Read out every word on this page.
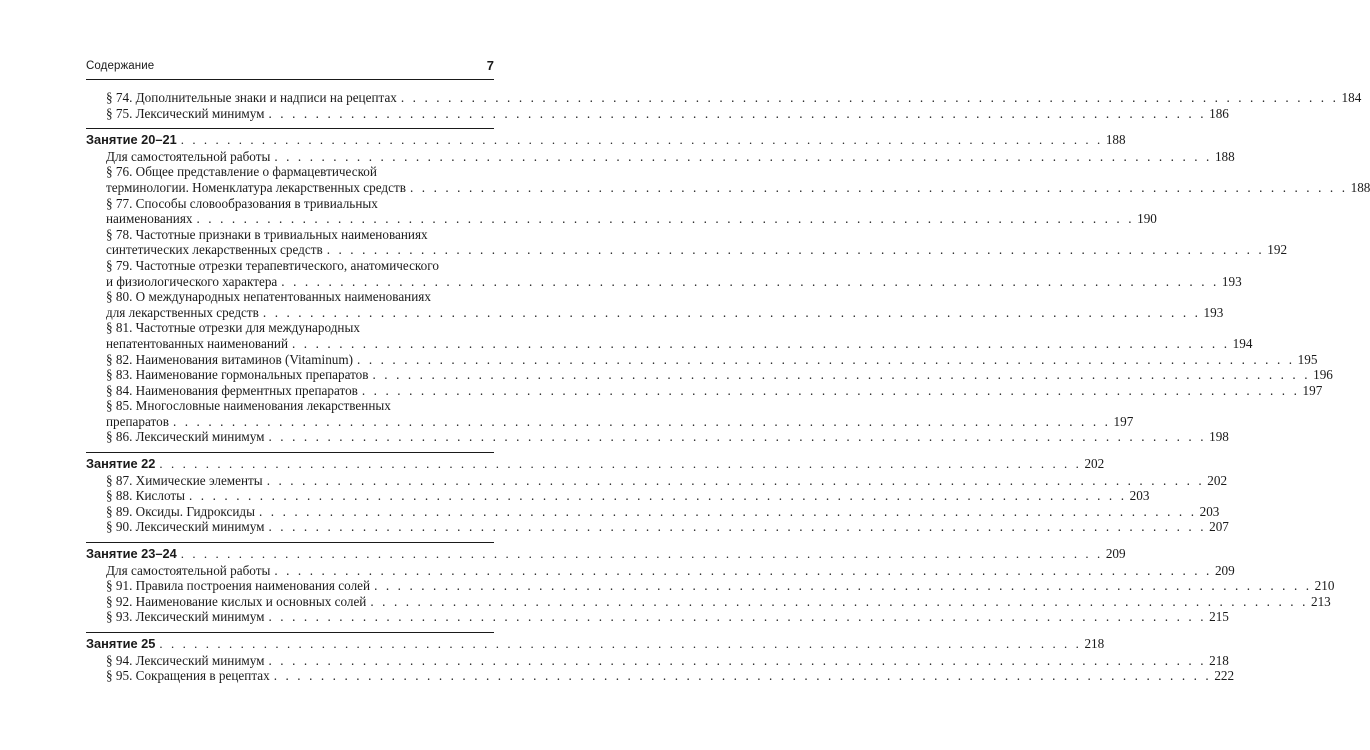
Содержание	7
§ 74. Дополнительные знаки и надписи на рецептах . . . . . . . . . . . . . . . . . . . . . . . . . . . . . . . . . . . . . . . . . . . . . . . . . . . . . . . . . . . . . . . . . . . . . . . . . . . . . . . . 184
§ 75. Лексический минимум . . . . . . . . . . . . . . . . . . . . . . . . . . . . . . . . . . . . . . . . . . . . . . . . . . . . . . . . . . . . . . . . . . . . . . . . . . . . . . . . 186
Занятие 20–21 . . . . . . . . . . . . . . . . . . . . . . . . . . . . . . . . . . . . . . . . . . . . . . . . . . . . . . . . . . . . . . . . . . . . . . . . . . . . . . . . 188
Для самостоятельной работы . . . . . . . . . . . . . . . . . . . . . . . . . . . . . . . . . . . . . . . . . . . . . . . . . . . . . . . . . . . . . . . . . . . . . . . . . . . . . . . . 188
§ 76. Общее представление о фармацевтической
терминологии. Номенклатура лекарственных средств . . . . . . . . . . . . . . . . . . . . . . . . . . . . . . . . . . . . . . . . . . . . . . . . . . . . . . . . . . . . . . . . . . . . . . . . . . . . . . . . 188
§ 77. Способы словообразования в тривиальных
наименованиях . . . . . . . . . . . . . . . . . . . . . . . . . . . . . . . . . . . . . . . . . . . . . . . . . . . . . . . . . . . . . . . . . . . . . . . . . . . . . . . . 190
§ 78. Частотные признаки в тривиальных наименованиях
синтетических лекарственных средств . . . . . . . . . . . . . . . . . . . . . . . . . . . . . . . . . . . . . . . . . . . . . . . . . . . . . . . . . . . . . . . . . . . . . . . . . . . . . . . . 192
§ 79. Частотные отрезки терапевтического, анатомического
и физиологического характера . . . . . . . . . . . . . . . . . . . . . . . . . . . . . . . . . . . . . . . . . . . . . . . . . . . . . . . . . . . . . . . . . . . . . . . . . . . . . . . . 193
§ 80. О международных непатентованных наименованиях
для лекарственных средств . . . . . . . . . . . . . . . . . . . . . . . . . . . . . . . . . . . . . . . . . . . . . . . . . . . . . . . . . . . . . . . . . . . . . . . . . . . . . . . . 193
§ 81. Частотные отрезки для международных
непатентованных наименований . . . . . . . . . . . . . . . . . . . . . . . . . . . . . . . . . . . . . . . . . . . . . . . . . . . . . . . . . . . . . . . . . . . . . . . . . . . . . . . . 194
§ 82. Наименования витаминов (Vitaminum) . . . . . . . . . . . . . . . . . . . . . . . . . . . . . . . . . . . . . . . . . . . . . . . . . . . . . . . . . . . . . . . . . . . . . . . . . . . . . . . . 195
§ 83. Наименование гормональных препаратов . . . . . . . . . . . . . . . . . . . . . . . . . . . . . . . . . . . . . . . . . . . . . . . . . . . . . . . . . . . . . . . . . . . . . . . . . . . . . . . . 196
§ 84. Наименования ферментных препаратов . . . . . . . . . . . . . . . . . . . . . . . . . . . . . . . . . . . . . . . . . . . . . . . . . . . . . . . . . . . . . . . . . . . . . . . . . . . . . . . . 197
§ 85. Многословные наименования лекарственных
препаратов . . . . . . . . . . . . . . . . . . . . . . . . . . . . . . . . . . . . . . . . . . . . . . . . . . . . . . . . . . . . . . . . . . . . . . . . . . . . . . . . 197
§ 86. Лексический минимум . . . . . . . . . . . . . . . . . . . . . . . . . . . . . . . . . . . . . . . . . . . . . . . . . . . . . . . . . . . . . . . . . . . . . . . . . . . . . . . . 198
Занятие 22 . . . . . . . . . . . . . . . . . . . . . . . . . . . . . . . . . . . . . . . . . . . . . . . . . . . . . . . . . . . . . . . . . . . . . . . . . . . . . . . . 202
§ 87. Химические элементы . . . . . . . . . . . . . . . . . . . . . . . . . . . . . . . . . . . . . . . . . . . . . . . . . . . . . . . . . . . . . . . . . . . . . . . . . . . . . . . . 202
§ 88. Кислоты . . . . . . . . . . . . . . . . . . . . . . . . . . . . . . . . . . . . . . . . . . . . . . . . . . . . . . . . . . . . . . . . . . . . . . . . . . . . . . . . 203
§ 89. Оксиды. Гидроксиды . . . . . . . . . . . . . . . . . . . . . . . . . . . . . . . . . . . . . . . . . . . . . . . . . . . . . . . . . . . . . . . . . . . . . . . . . . . . . . . . 203
§ 90. Лексический минимум . . . . . . . . . . . . . . . . . . . . . . . . . . . . . . . . . . . . . . . . . . . . . . . . . . . . . . . . . . . . . . . . . . . . . . . . . . . . . . . . 207
Занятие 23–24 . . . . . . . . . . . . . . . . . . . . . . . . . . . . . . . . . . . . . . . . . . . . . . . . . . . . . . . . . . . . . . . . . . . . . . . . . . . . . . . . 209
Для самостоятельной работы . . . . . . . . . . . . . . . . . . . . . . . . . . . . . . . . . . . . . . . . . . . . . . . . . . . . . . . . . . . . . . . . . . . . . . . . . . . . . . . . 209
§ 91. Правила построения наименования солей . . . . . . . . . . . . . . . . . . . . . . . . . . . . . . . . . . . . . . . . . . . . . . . . . . . . . . . . . . . . . . . . . . . . . . . . . . . . . . . . 210
§ 92. Наименование кислых и основных солей . . . . . . . . . . . . . . . . . . . . . . . . . . . . . . . . . . . . . . . . . . . . . . . . . . . . . . . . . . . . . . . . . . . . . . . . . . . . . . . . 213
§ 93. Лексический минимум . . . . . . . . . . . . . . . . . . . . . . . . . . . . . . . . . . . . . . . . . . . . . . . . . . . . . . . . . . . . . . . . . . . . . . . . . . . . . . . . 215
Занятие 25 . . . . . . . . . . . . . . . . . . . . . . . . . . . . . . . . . . . . . . . . . . . . . . . . . . . . . . . . . . . . . . . . . . . . . . . . . . . . . . . . 218
§ 94. Лексический минимум . . . . . . . . . . . . . . . . . . . . . . . . . . . . . . . . . . . . . . . . . . . . . . . . . . . . . . . . . . . . . . . . . . . . . . . . . . . . . . . . 218
§ 95. Сокращения в рецептах . . . . . . . . . . . . . . . . . . . . . . . . . . . . . . . . . . . . . . . . . . . . . . . . . . . . . . . . . . . . . . . . . . . . . . . . . . . . . . . . 222
